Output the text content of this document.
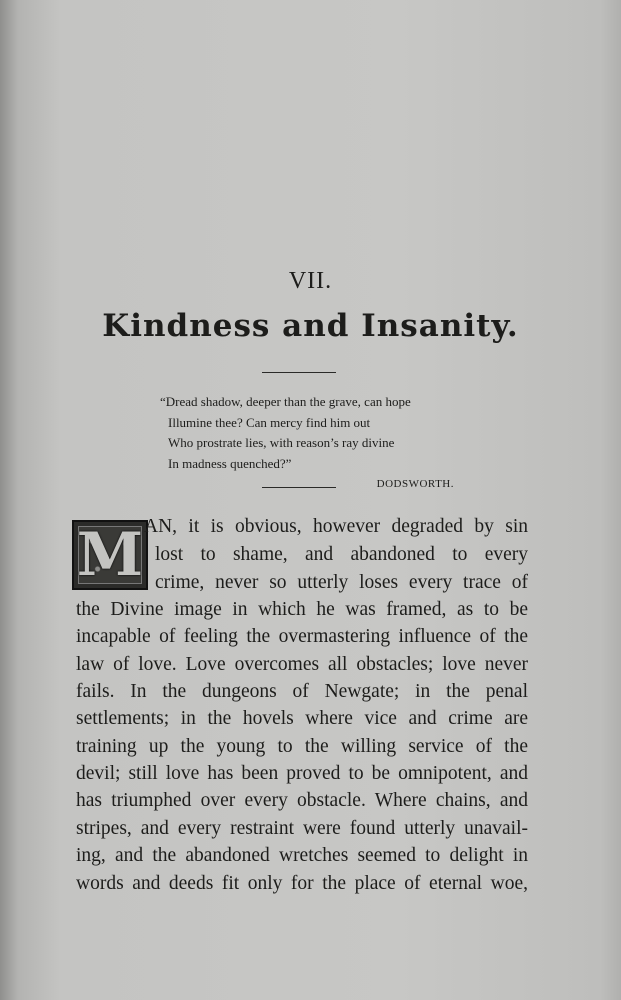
VII.
Kindness and Insanity.
“Dread shadow, deeper than the grave, can hope
Illumine thee? Can mercy find him out
Who prostrate lies, with reason’s ray divine
In madness quenched?”
DODSWORTH.
M AN, it is obvious, however degraded by sin
lost to shame, and abandoned to every
crime, never so utterly loses every trace of
the Divine image in which he was framed, as to be
incapable of feeling the overmastering influence of the
law of love. Love overcomes all obstacles; love never
fails. In the dungeons of Newgate; in the penal
settlements; in the hovels where vice and crime are
training up the young to the willing service of the
devil; still love has been proved to be omnipotent, and
has triumphed over every obstacle. Where chains, and
stripes, and every restraint were found utterly unavail-
ing, and the abandoned wretches seemed to delight in
words and deeds fit only for the place of eternal woe,
